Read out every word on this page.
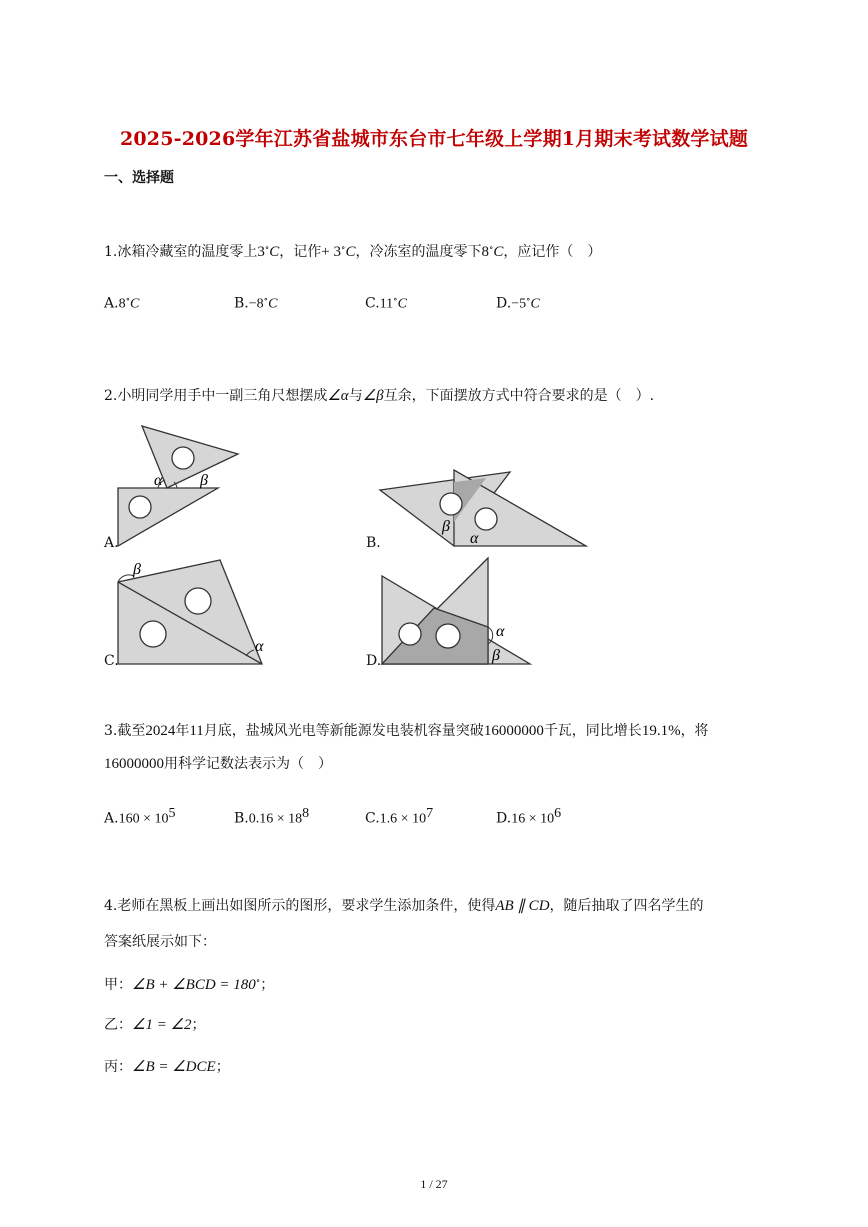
2025-2026学年江苏省盐城市东台市七年级上学期1月期末考试数学试题
一、选择题
1.冰箱冷藏室的温度零上3∘C，记作+ 3∘C，冷冻室的温度零下8∘C，应记作（　）
A.8∘C	B.−8∘C	C.11∘C	D.−5∘C
2.小明同学用手中一副三角尺想摆成∠α与∠β互余，下面摆放方式中符合要求的是（　）.
α β
A.
β
α
B.
β
α
C.
α
β
D.
3.截至2024年11月底，盐城风光电等新能源发电装机容量突破16000000千瓦，同比增长19.1%，将
16000000用科学记数法表示为（　）
$A.160 \times 10^5$	$B.0.16 \times 18^8$	$C.1.6 \times 10^7$	$D.16 \times 10^6$
4.老师在黑板上画出如图所示的图形，要求学生添加条件，使得AB ∥ CD，随后抽取了四名学生的
答案纸展示如下：
甲：∠B + ∠BCD = 180∘；
乙：∠1 = ∠2；
丙：∠B = ∠DCE；
1 / 27
